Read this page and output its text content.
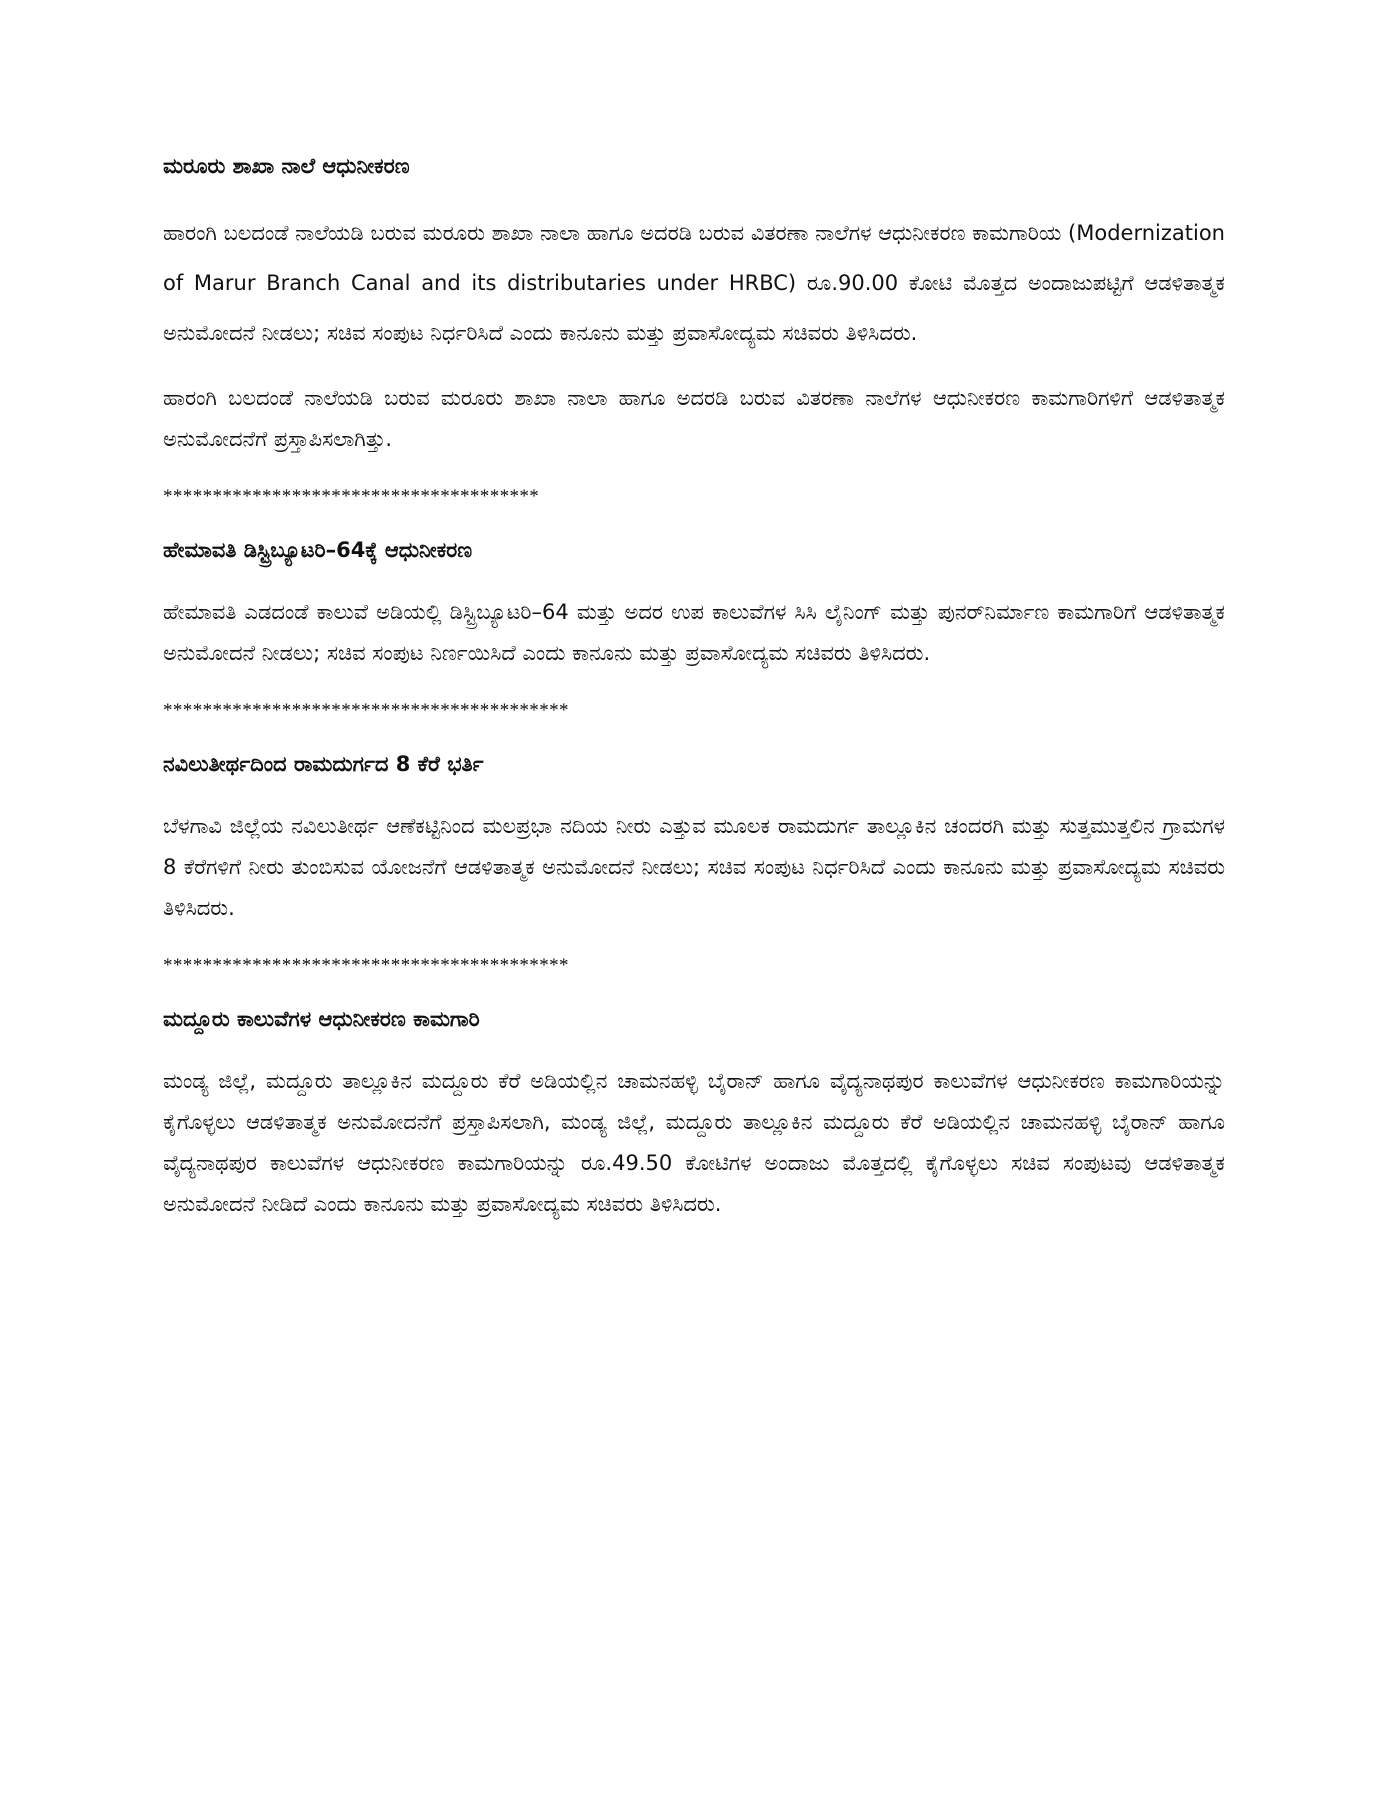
ಮರೂರು ಶಾಖಾ ನಾಲೆ ಆಧುನೀಕರಣ

ಹಾರಂಗಿ ಬಲದಂಡೆ ನಾಲೆಯಡಿ ಬರುವ ಮರೂರು ಶಾಖಾ ನಾಲಾ ಹಾಗೂ ಅದರಡಿ ಬರುವ ವಿತರಣಾ ನಾಲೆಗಳ ಆಧುನೀಕರಣ ಕಾಮಗಾರಿಯ (Modernization of Marur Branch Canal and its distributaries under HRBC) ರೂ.90.00 ಕೋಟಿ ಮೊತ್ತದ ಅಂದಾಜುಪಟ್ಟಿಗೆ ಆಡಳಿತಾತ್ಮಕ ಅನುಮೋದನೆ ನೀಡಲು; ಸಚಿವ ಸಂಪುಟ ನಿರ್ಧರಿಸಿದೆ ಎಂದು ಕಾನೂನು ಮತ್ತು ಪ್ರವಾಸೋದ್ಯಮ ಸಚಿವರು ತಿಳಿಸಿದರು.

ಹಾರಂಗಿ ಬಲದಂಡೆ ನಾಲೆಯಡಿ ಬರುವ ಮರೂರು ಶಾಖಾ ನಾಲಾ ಹಾಗೂ ಅದರಡಿ ಬರುವ ವಿತರಣಾ ನಾಲೆಗಳ ಆಧುನೀಕರಣ ಕಾಮಗಾರಿಗಳಿಗೆ ಆಡಳಿತಾತ್ಮಕ ಅನುಮೋದನೆಗೆ ಪ್ರಸ್ತಾಪಿಸಲಾಗಿತ್ತು.

**************************************
ಹೇಮಾವತಿ ಡಿಸ್ಟ್ರಿಬ್ಯೂಟರಿ–64ಕ್ಕೆ ಆಧುನೀಕರಣ

ಹೇಮಾವತಿ ಎಡದಂಡೆ ಕಾಲುವೆ ಅಡಿಯಲ್ಲಿ ಡಿಸ್ಟ್ರಿಬ್ಯೂಟರಿ–64 ಮತ್ತು ಅದರ ಉಪ ಕಾಲುವೆಗಳ ಸಿಸಿ ಲೈನಿಂಗ್ ಮತ್ತು ಪುನರ್‌ನಿರ್ಮಾಣ ಕಾಮಗಾರಿಗೆ ಆಡಳಿತಾತ್ಮಕ ಅನುಮೋದನೆ ನೀಡಲು; ಸಚಿವ ಸಂಪುಟ ನಿರ್ಣಯಿಸಿದೆ ಎಂದು ಕಾನೂನು ಮತ್ತು ಪ್ರವಾಸೋದ್ಯಮ ಸಚಿವರು ತಿಳಿಸಿದರು.

*****************************************
ನವಿಲುತೀರ್ಥದಿಂದ ರಾಮದುರ್ಗದ 8 ಕೆರೆ ಭರ್ತಿ

ಬೆಳಗಾವಿ ಜಿಲ್ಲೆಯ ನವಿಲುತೀರ್ಥ ಆಣೆಕಟ್ಟಿನಿಂದ ಮಲಪ್ರಭಾ ನದಿಯ ನೀರು ಎತ್ತುವ ಮೂಲಕ ರಾಮದುರ್ಗ ತಾಲ್ಲೂಕಿನ ಚಂದರಗಿ ಮತ್ತು ಸುತ್ತಮುತ್ತಲಿನ ಗ್ರಾಮಗಳ 8 ಕೆರೆಗಳಿಗೆ ನೀರು ತುಂಬಿಸುವ ಯೋಜನೆಗೆ ಆಡಳಿತಾತ್ಮಕ ಅನುಮೋದನೆ ನೀಡಲು; ಸಚಿವ ಸಂಪುಟ ನಿರ್ಧರಿಸಿದೆ ಎಂದು ಕಾನೂನು ಮತ್ತು ಪ್ರವಾಸೋದ್ಯಮ ಸಚಿವರು ತಿಳಿಸಿದರು.

*****************************************
ಮದ್ದೂರು ಕಾಲುವೆಗಳ ಆಧುನೀಕರಣ ಕಾಮಗಾರಿ

ಮಂಡ್ಯ ಜಿಲ್ಲೆ, ಮದ್ದೂರು ತಾಲ್ಲೂಕಿನ ಮದ್ದೂರು ಕೆರೆ ಅಡಿಯಲ್ಲಿನ ಚಾಮನಹಳ್ಳಿ ಬೈರಾನ್ ಹಾಗೂ ವೈದ್ಯನಾಥಪುರ ಕಾಲುವೆಗಳ ಆಧುನೀಕರಣ ಕಾಮಗಾರಿಯನ್ನು ಕೈಗೊಳ್ಳಲು ಆಡಳಿತಾತ್ಮಕ ಅನುಮೋದನೆಗೆ ಪ್ರಸ್ತಾಪಿಸಲಾಗಿ, ಮಂಡ್ಯ ಜಿಲ್ಲೆ, ಮದ್ದೂರು ತಾಲ್ಲೂಕಿನ ಮದ್ದೂರು ಕೆರೆ ಅಡಿಯಲ್ಲಿನ ಚಾಮನಹಳ್ಳಿ ಬೈರಾನ್ ಹಾಗೂ ವೈದ್ಯನಾಥಪುರ ಕಾಲುವೆಗಳ ಆಧುನೀಕರಣ ಕಾಮಗಾರಿಯನ್ನು ರೂ.49.50 ಕೋಟಿಗಳ ಅಂದಾಜು ಮೊತ್ತದಲ್ಲಿ ಕೈಗೊಳ್ಳಲು ಸಚಿವ ಸಂಪುಟವು ಆಡಳಿತಾತ್ಮಕ ಅನುಮೋದನೆ ನೀಡಿದೆ ಎಂದು ಕಾನೂನು ಮತ್ತು ಪ್ರವಾಸೋದ್ಯಮ ಸಚಿವರು ತಿಳಿಸಿದರು.
